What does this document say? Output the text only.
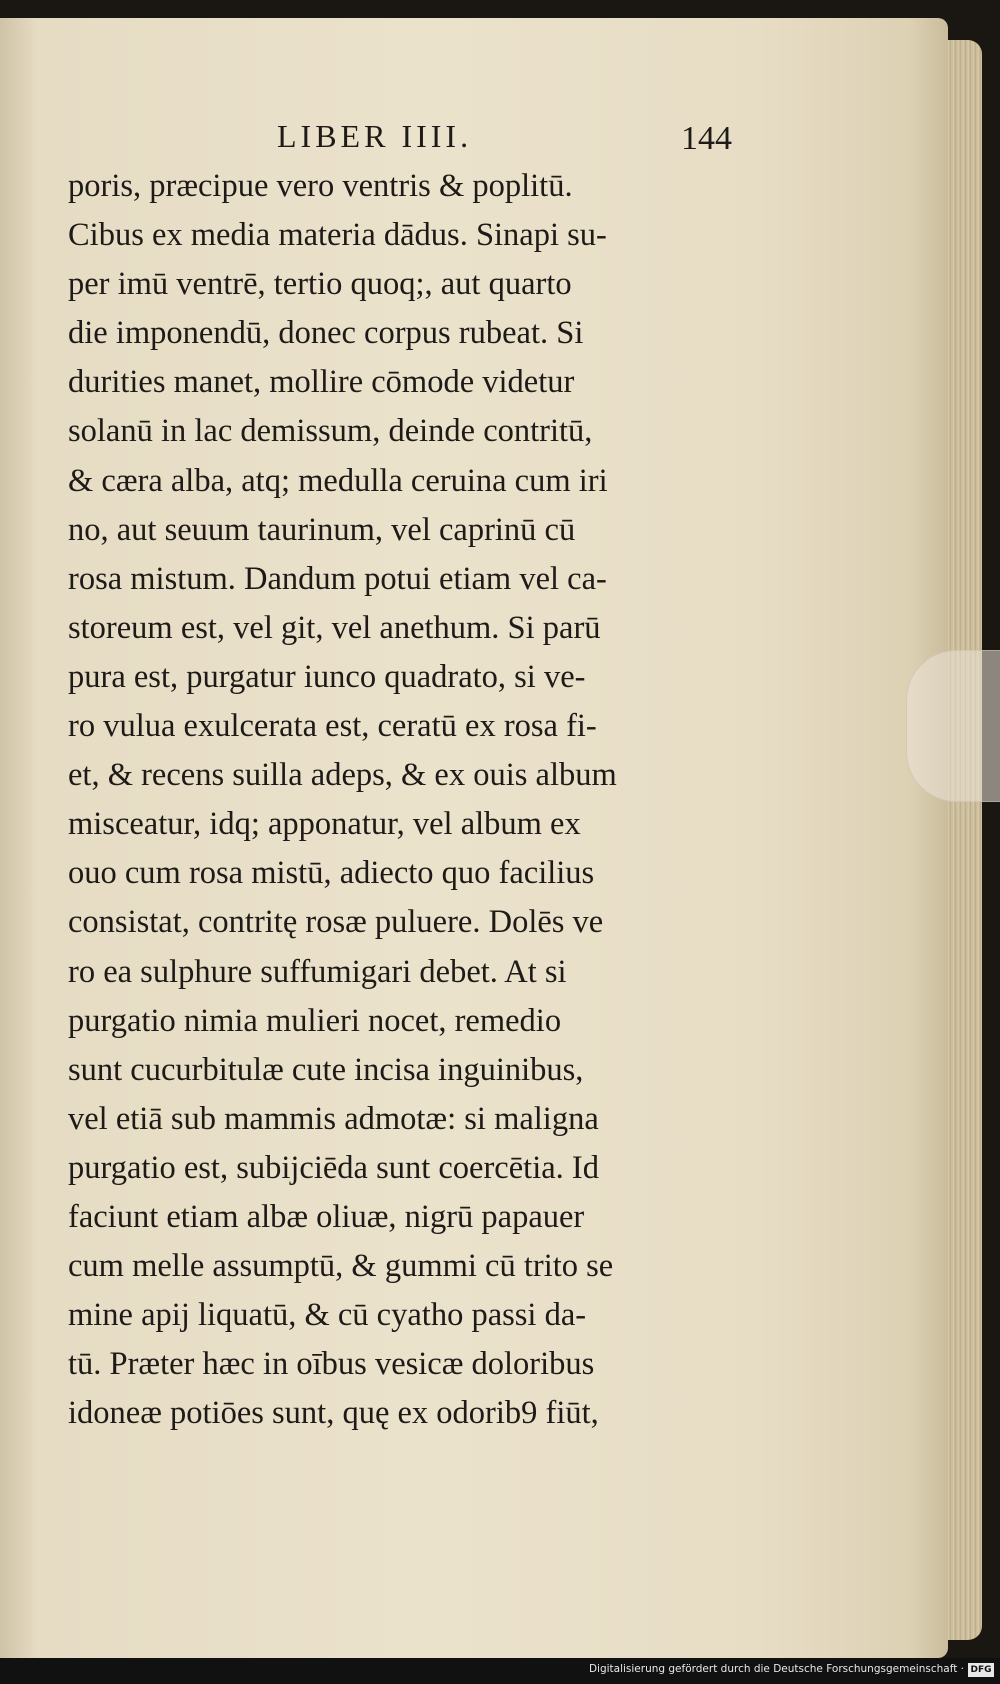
LIBER IIII.	144
poris, præcipue vero ventris & poplitū.
Cibus ex media materia dādus. Sinapi su-
per imū ventrē, tertio quoq;, aut quarto
die imponendū, donec corpus rubeat. Si
durities manet, mollire cōmode videtur
solanū in lac demissum, deinde contritū,
& cæra alba, atq; medulla ceruina cum iri
no, aut seuum taurinum, vel caprinū cū
rosa mistum. Dandum potui etiam vel ca-
storeum est, vel git, vel anethum. Si parū
pura est, purgatur iunco quadrato, si ve-
ro vulua exulcerata est, ceratū ex rosa fi-
et, & recens suilla adeps, & ex ouis album
misceatur, idq; apponatur, vel album ex
ouo cum rosa mistū, adiecto quo facilius
consistat, contritę rosæ puluere. Dolēs ve
ro ea sulphure suffumigari debet. At si
purgatio nimia mulieri nocet, remedio
sunt cucurbitulæ cute incisa inguinibus,
vel etiā sub mammis admotæ: si maligna
purgatio est, subijciēda sunt coercētia. Id
faciunt etiam albæ oliuæ, nigrū papauer
cum melle assumptū, & gummi cū trito se
mine apij liquatū, & cū cyatho passi da-
tū. Præter hæc in oībus vesicæ doloribus
idoneæ potiōes sunt, quę ex odorib9 fiūt,
Digitalisierung gefördert durch die Deutsche Forschungsgemeinschaft · DFG
